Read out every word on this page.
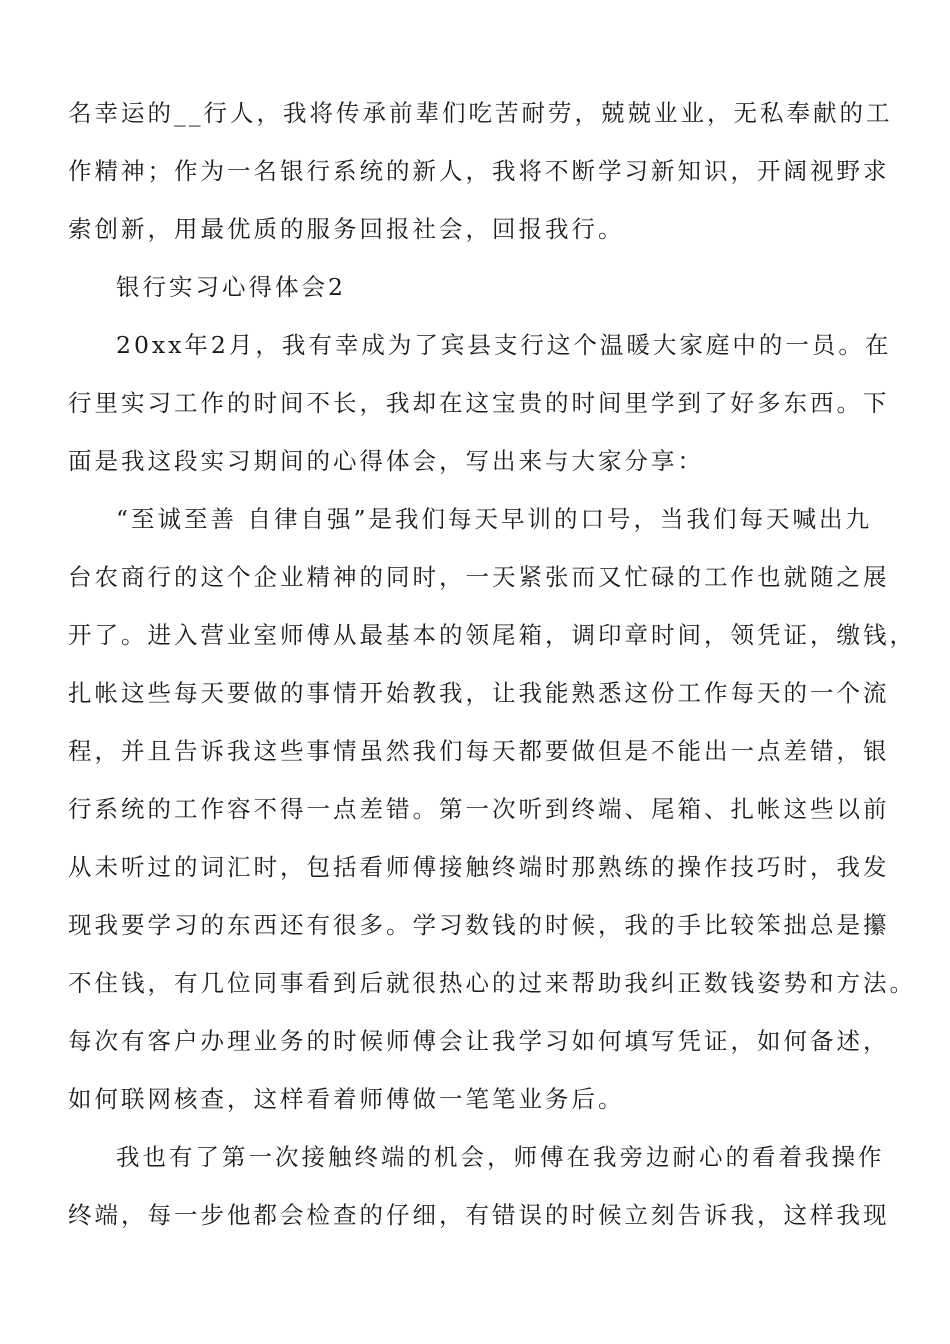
名幸运的__行人，我将传承前辈们吃苦耐劳，兢兢业业，无私奉献的工
作精神；作为一名银行系统的新人，我将不断学习新知识，开阔视野求
索创新，用最优质的服务回报社会，回报我行。
银行实习心得体会2
20xx年2月，我有幸成为了宾县支行这个温暖大家庭中的一员。在
行里实习工作的时间不长，我却在这宝贵的时间里学到了好多东西。下
面是我这段实习期间的心得体会，写出来与大家分享：
“至诚至善 自律自强”是我们每天早训的口号，当我们每天喊出九
台农商行的这个企业精神的同时，一天紧张而又忙碌的工作也就随之展
开了。进入营业室师傅从最基本的领尾箱，调印章时间，领凭证，缴钱，
扎帐这些每天要做的事情开始教我，让我能熟悉这份工作每天的一个流
程，并且告诉我这些事情虽然我们每天都要做但是不能出一点差错，银
行系统的工作容不得一点差错。第一次听到终端、尾箱、扎帐这些以前
从未听过的词汇时，包括看师傅接触终端时那熟练的操作技巧时，我发
现我要学习的东西还有很多。学习数钱的时候，我的手比较笨拙总是攥
不住钱，有几位同事看到后就很热心的过来帮助我纠正数钱姿势和方法。
每次有客户办理业务的时候师傅会让我学习如何填写凭证，如何备述，
如何联网核查，这样看着师傅做一笔笔业务后。
我也有了第一次接触终端的机会，师傅在我旁边耐心的看着我操作
终端，每一步他都会检查的仔细，有错误的时候立刻告诉我，这样我现
